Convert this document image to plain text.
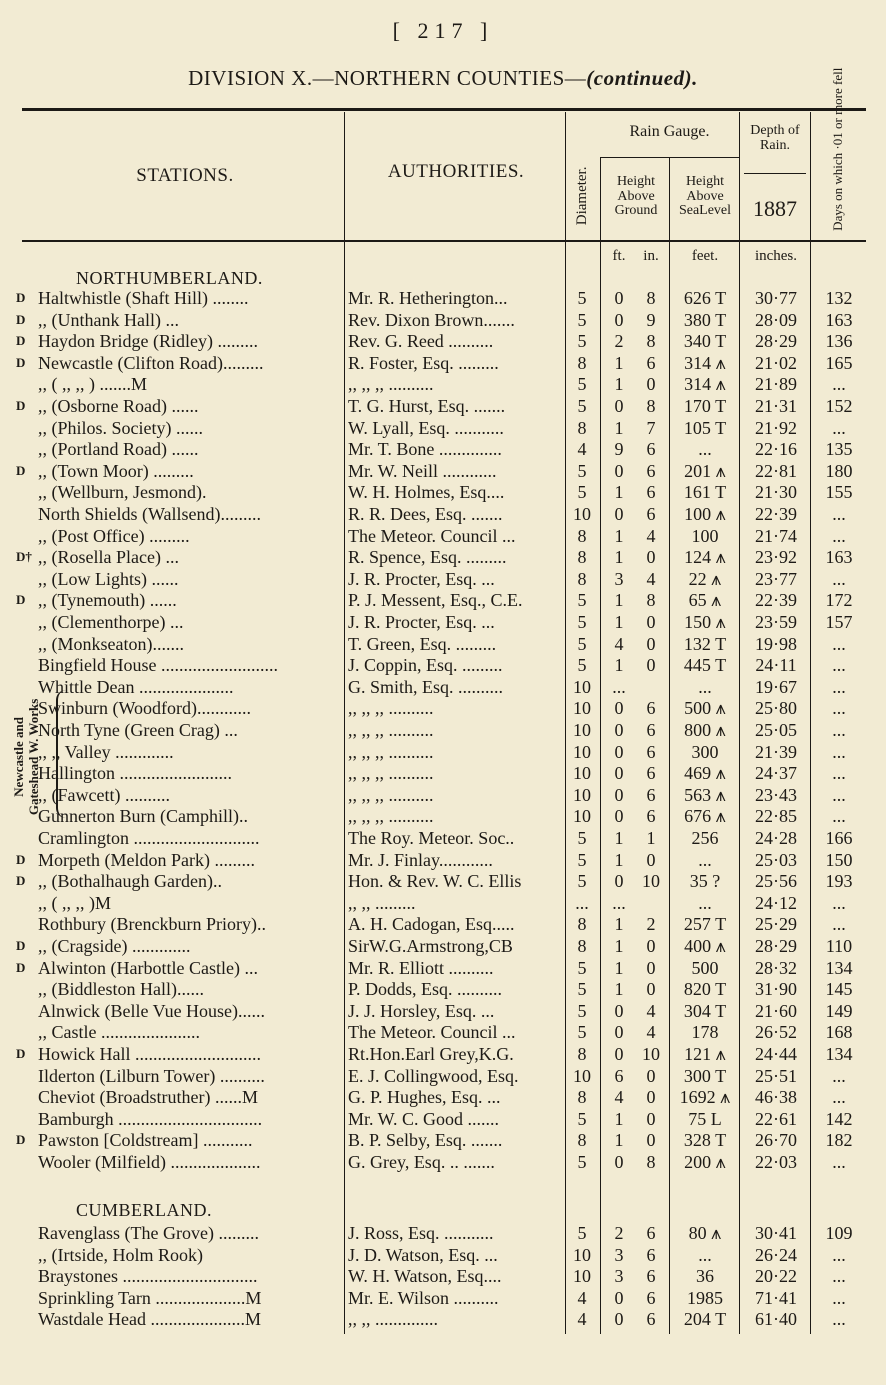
[ 217 ]
DIVISION X.—NORTHERN COUNTIES—(continued).
STATIONS.	AUTHORITIES.
Rain Gauge.
Diameter.	Height Above Ground
Height Above SeaLevel
Depth of Rain.
1887	Days on which ·01 or more fell
ft.	in.	feet.	inches.
Newcastle and Gateshead W. Works
NORTHUMBERLAND.
D Haltwhistle (Shaft Hill) ........	Mr. R. Hetherington...	5	0	8	626 T	30·77	132
D ,, (Unthank Hall) ...	Rev. Dixon Brown.......	5	0	9	380 T	28·09	163
D Haydon Bridge (Ridley) .........	Rev. G. Reed ..........	5	2	8	340 T	28·29	136
D Newcastle (Clifton Road).........	R. Foster, Esq. .........	8	1	6	314 ⩚	21·02	165
,, ( ,, ,, ) .......M	,, ,, ,, ..........	5	1	0	314 ⩚	21·89	...
D ,, (Osborne Road) ......	T. G. Hurst, Esq. .......	5	0	8	170 T	21·31	152
,, (Philos. Society) ......	W. Lyall, Esq. ...........	8	1	7	105 T	21·92	...
,, (Portland Road) ......	Mr. T. Bone ..............	4	9	6	...	22·16	135
D ,, (Town Moor) .........	Mr. W. Neill ............	5	0	6	201 ⩚	22·81	180
,, (Wellburn, Jesmond).	W. H. Holmes, Esq....	5	1	6	161 T	21·30	155
North Shields (Wallsend).........	R. R. Dees, Esq. .......	10	0	6	100 ⩚	22·39	...
,, (Post Office) .........	The Meteor. Council ...	8	1	4	100	21·74	...
D† ,, (Rosella Place) ...	R. Spence, Esq. .........	8	1	0	124 ⩚	23·92	163
,, (Low Lights) ......	J. R. Procter, Esq. ...	8	3	4	22 ⩚	23·77	...
D ,, (Tynemouth) ......	P. J. Messent, Esq., C.E.	5	1	8	65 ⩚	22·39	172
,, (Clementhorpe) ...	J. R. Procter, Esq. ...	5	1	0	150 ⩚	23·59	157
,, (Monkseaton).......	T. Green, Esq. .........	5	4	0	132 T	19·98	...
Bingfield House ..........................	J. Coppin, Esq. .........	5	1	0	445 T	24·11	...
Whittle Dean .....................	G. Smith, Esq. ..........	10	...	...	19·67	...
Swinburn (Woodford)............	,, ,, ,, ..........	10	0	6	500 ⩚	25·80	...
North Tyne (Green Crag) ...	,, ,, ,, ..........	10	0	6	800 ⩚	25·05	...
,, ,, Valley .............	,, ,, ,, ..........	10	0	6	300	21·39	...
Hallington .........................	,, ,, ,, ..........	10	0	6	469 ⩚	24·37	...
,, (Fawcett) ..........	,, ,, ,, ..........	10	0	6	563 ⩚	23·43	...
Gunnerton Burn (Camphill)..	,, ,, ,, ..........	10	0	6	676 ⩚	22·85	...
Cramlington ............................	The Roy. Meteor. Soc..	5	1	1	256	24·28	166
D Morpeth (Meldon Park) .........	Mr. J. Finlay............	5	1	0	...	25·03	150
D ,, (Bothalhaugh Garden)..	Hon. & Rev. W. C. Ellis	5	0	10	35 ?	25·56	193
,, ( ,, ,, )M	,, ,, .........	...	...	...	24·12	...
Rothbury (Brenckburn Priory)..	A. H. Cadogan, Esq.....	8	1	2	257 T	25·29	...
D ,, (Cragside) .............	SirW.G.Armstrong,CB	8	1	0	400 ⩚	28·29	110
D Alwinton (Harbottle Castle) ...	Mr. R. Elliott ..........	5	1	0	500	28·32	134
,, (Biddleston Hall)......	P. Dodds, Esq. ..........	5	1	0	820 T	31·90	145
Alnwick (Belle Vue House)......	J. J. Horsley, Esq. ...	5	0	4	304 T	21·60	149
,, Castle ......................	The Meteor. Council ...	5	0	4	178	26·52	168
D Howick Hall ............................	Rt.Hon.Earl Grey,K.G.	8	0	10	121 ⩚	24·44	134
Ilderton (Lilburn Tower) ..........	E. J. Collingwood, Esq.	10	6	0	300 T	25·51	...
Cheviot (Broadstruther) ......M	G. P. Hughes, Esq. ...	8	4	0	1692 ⩚	46·38	...
Bamburgh ................................	Mr. W. C. Good .......	5	1	0	75 L	22·61	142
D Pawston [Coldstream] ...........	B. P. Selby, Esq. .......	8	1	0	328 T	26·70	182
Wooler (Milfield) ....................	G. Grey, Esq. .. .......	5	0	8	200 ⩚	22·03	...
CUMBERLAND.
Ravenglass (The Grove) .........	J. Ross, Esq. ...........	5	2	6	80 ⩚	30·41	109
,, (Irtside, Holm Rook)	J. D. Watson, Esq. ...	10	3	6	...	26·24	...
Braystones ..............................	W. H. Watson, Esq....	10	3	6	36	20·22	...
Sprinkling Tarn ....................M	Mr. E. Wilson ..........	4	0	6	1985	71·41	...
Wastdale Head .....................M	,, ,, ..............	4	0	6	204 T	61·40	...
